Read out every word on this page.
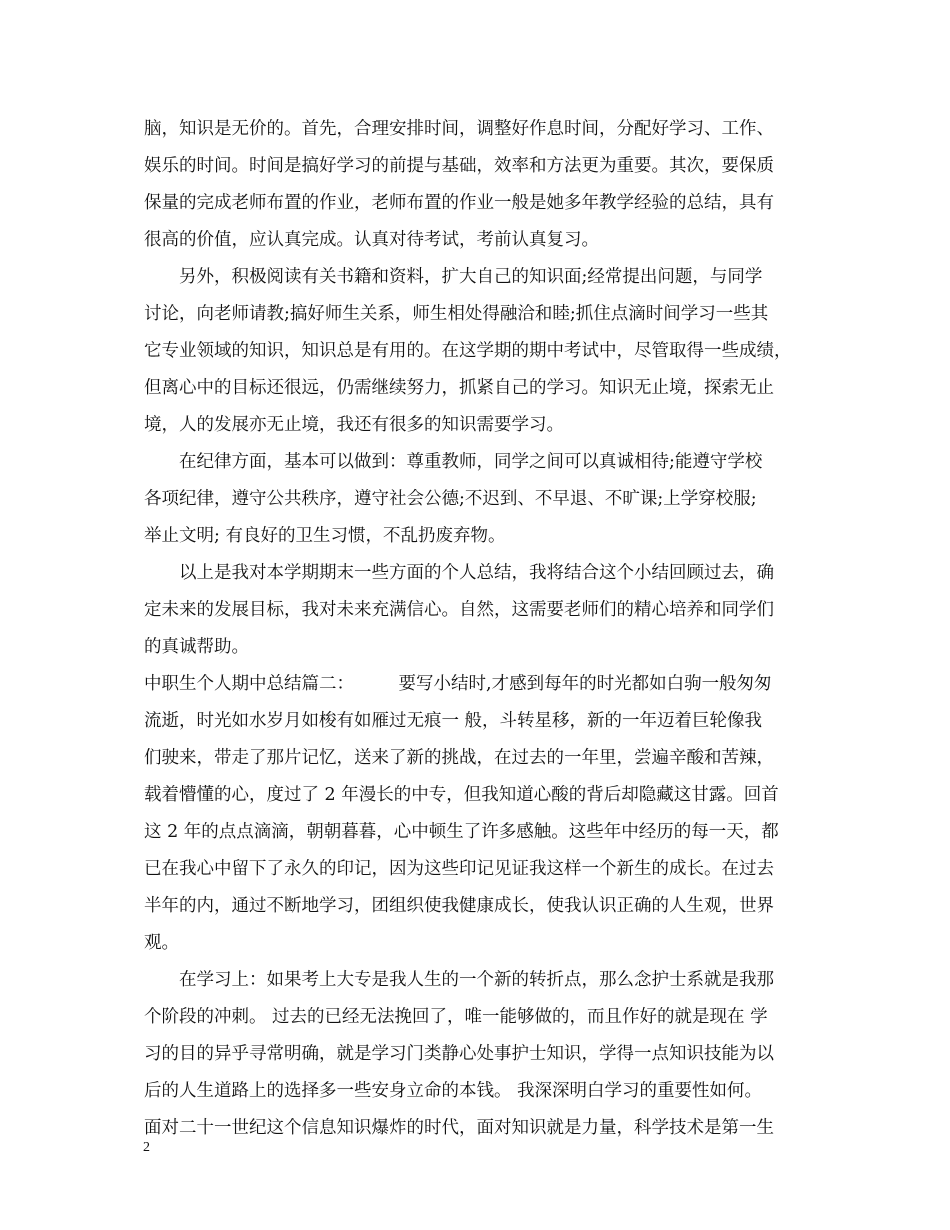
脑，知识是无价的。首先，合理安排时间，调整好作息时间，分配好学习、工作、
娱乐的时间。时间是搞好学习的前提与基础，效率和方法更为重要。其次，要保质
保量的完成老师布置的作业，老师布置的作业一般是她多年教学经验的总结，具有
很高的价值，应认真完成。认真对待考试，考前认真复习。
另外，积极阅读有关书籍和资料，扩大自己的知识面;经常提出问题，与同学
讨论，向老师请教;搞好师生关系，师生相处得融洽和睦;抓住点滴时间学习一些其
它专业领域的知识，知识总是有用的。在这学期的期中考试中，尽管取得一些成绩，
但离心中的目标还很远，仍需继续努力，抓紧自己的学习。知识无止境，探索无止
境，人的发展亦无止境，我还有很多的知识需要学习。
在纪律方面，基本可以做到：尊重教师，同学之间可以真诚相待;能遵守学校
各项纪律，遵守公共秩序，遵守社会公德;不迟到、不早退、不旷课;上学穿校服;
举止文明; 有良好的卫生习惯，不乱扔废弃物。
以上是我对本学期期末一些方面的个人总结，我将结合这个小结回顾过去，确
定未来的发展目标，我对未来充满信心。自然，这需要老师们的精心培养和同学们
的真诚帮助。
中职生个人期中总结篇二：        要写小结时,才感到每年的时光都如白驹一般匆匆
流逝，时光如水岁月如梭有如雁过无痕一 般，斗转星移，新的一年迈着巨轮像我
们驶来，带走了那片记忆，送来了新的挑战，在过去的一年里，尝遍辛酸和苦辣，
载着懵懂的心，度过了 2 年漫长的中专，但我知道心酸的背后却隐藏这甘露。回首
这 2 年的点点滴滴，朝朝暮暮，心中顿生了许多感触。这些年中经历的每一天，都
已在我心中留下了永久的印记，因为这些印记见证我这样一个新生的成长。在过去
半年的内，通过不断地学习，团组织使我健康成长，使我认识正确的人生观，世界
观。
在学习上：如果考上大专是我人生的一个新的转折点，那么念护士系就是我那
个阶段的冲刺。 过去的已经无法挽回了，唯一能够做的，而且作好的就是现在 学
习的目的异乎寻常明确，就是学习门类静心处事护士知识，学得一点知识技能为以
后的人生道路上的选择多一些安身立命的本钱。 我深深明白学习的重要性如何。
面对二十一世纪这个信息知识爆炸的时代，面对知识就是力量，科学技术是第一生
2
